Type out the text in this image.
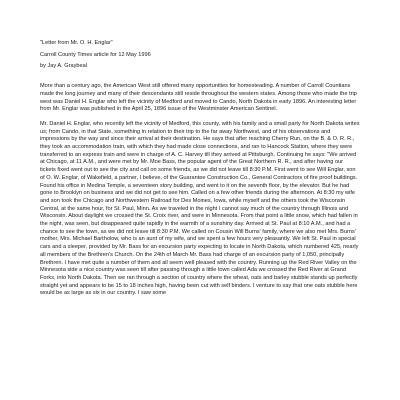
"Letter from Mr. O. H. Englar"

Carroll County Times article for 12 May 1996

by Jay A. Graybeal

More than a century ago, the American West still offered many opportunities for homesteading. A number of Carroll Countians made the long journey and many of their descendants still reside throughout the western states. Among those who made the trip west was Daniel H. Englar who left the vicinity of Medford and moved to Cando, North Dakota in early 1896. An interesting letter from Mr. Englar was published in the April 25, 1896 issue of the Westminster American Sentinel.

Mr. Daniel H. Englar, who recently left the vicinity of Medford, this county, with his family and a small party for North Dakota writes us; from Cando, in that State, something in relation to their trip to the far away Northwest, and of his observations and impressions by the way and since their arrival at their destination. He says that after reaching Cherry Run, on the B. & O. R. R., they took an accommodation train, with which they had made close connections, and ran to Hancock Station, where they were transferred to an express train and were in charge of A. C. Harvey till they arrived at Pittsburgh. Continuing he says: "We arrived at Chicago, at 11 A.M., and were met by Mr. Moe Bass, the popular agent of the Great Northern R. R., and after having our tickets fixed went out to see the city and call on some friends, as we did not leave till 8:30 P.M. First went to see Will Englar, son of O. W. Englar, of Wakefield, a partner, I believe, of the Guarantee Construction Co., General Contractors of fire proof buildings. Found his office in Medina Temple, a seventeen story building, and went to it on the seventh floor, by the elevator. But he had gone to Brooklyn on business and we did not get to see him. Called on a few other friends during the afternoon. At 8:30 my wife and son took the Chicago and Northwestern Railroad for Des Moines, Iowa, while myself and the others took the Wisconsin Central, at the same hour, for St. Paul, Minn. As we traveled in the night I cannot say much of the country through Illinois and Wisconsin. About daylight we crossed the St. Croix river, and were in Minnesota. From that point a little snow, which had fallen in the night, was seen, but disappeared quite rapidly in the warmth of a sunshiny day. Arrived at St. Paul at 8:10 A.M., and had a chance to see the town, as we did not leave till 8:30 P.M. We called on Cousin Will Burns' family, where we also met Mrs. Burns' mother, Mrs. Michael Bartholow, who is an aunt of my wife, and we spent a few hours very pleasantly. We left St. Paul in special cars and a sleeper, provided by Mr. Bass for an excursion party expecting to locate in North Dakota, which numbered 425, nearly all members of the Brethren's Church. On the 24th of March Mr. Bass had charge of an excursion party of 1,050, principally Brethren. I have met quite a number of them and all seem well pleased with the country. Running up the Red River Valley on the Minnesota side a nice country was seen till after passing through a little town called Ada we crossed the Red River at Grand Forks, into North Dakota. Then we ran through a section of country where the wheat, oats and barley stubble stands up perfectly straight yet and appears to be 15 to 18 inches high, having been cut with self binders. I venture to say that one oats stubble here would be as large as six in our country. I saw some
